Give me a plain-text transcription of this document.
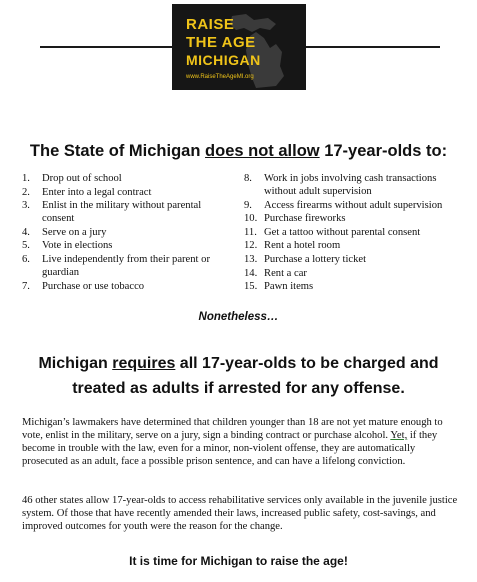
RAISE
THE AGE
MICHIGAN
www.RaiseTheAgeMI.org
The State of Michigan does not allow 17-year-olds to:
1. Drop out of school
2. Enter into a legal contract
3. Enlist in the military without parental consent
4. Serve on a jury
5. Vote in elections
6. Live independently from their parent or guardian
7. Purchase or use tobacco
8. Work in jobs involving cash transactions without adult supervision
9. Access firearms without adult supervision
10. Purchase fireworks
11. Get a tattoo without parental consent
12. Rent a hotel room
13. Purchase a lottery ticket
14. Rent a car
15. Pawn items
Nonetheless…
Michigan requires all 17-year-olds to be charged and
treated as adults if arrested for any offense.

Michigan’s lawmakers have determined that children younger than 18 are not yet mature enough to vote, enlist in the military, serve on a jury, sign a binding contract or purchase alcohol. Yet, if they become in trouble with the law, even for a minor, non-violent offense, they are automatically prosecuted as an adult, face a possible prison sentence, and can have a lifelong conviction.

46 other states allow 17-year-olds to access rehabilitative services only available in the juvenile justice system. Of those that have recently amended their laws, increased public safety, cost-savings, and improved outcomes for youth were the reason for the change.

It is time for Michigan to raise the age!
